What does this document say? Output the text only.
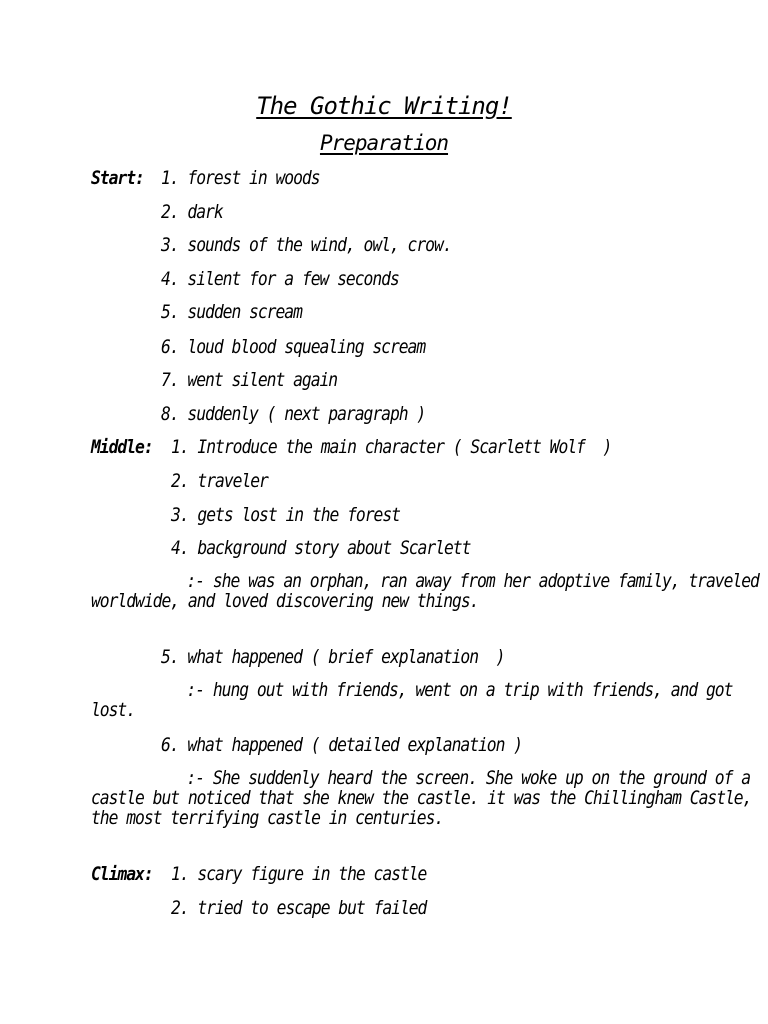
The Gothic Writing!
Preparation
Start: 1. forest in woods
2. dark
3. sounds of the wind, owl, crow.
4. silent for a few seconds
5. sudden scream
6. loud blood squealing scream
7. went silent again
8. suddenly ( next paragraph )
Middle: 1. Introduce the main character ( Scarlett Wolf  )
2. traveler
3. gets lost in the forest
4. background story about Scarlett
:- she was an orphan, ran away from her adoptive family, traveled worldwide, and loved discovering new things.
5. what happened ( brief explanation  )
:- hung out with friends, went on a trip with friends, and got lost.
6. what happened ( detailed explanation )
:- She suddenly heard the screen. She woke up on the ground of a castle but noticed that she knew the castle. it was the Chillingham Castle, the most terrifying castle in centuries.
Climax: 1. scary figure in the castle
2. tried to escape but failed
